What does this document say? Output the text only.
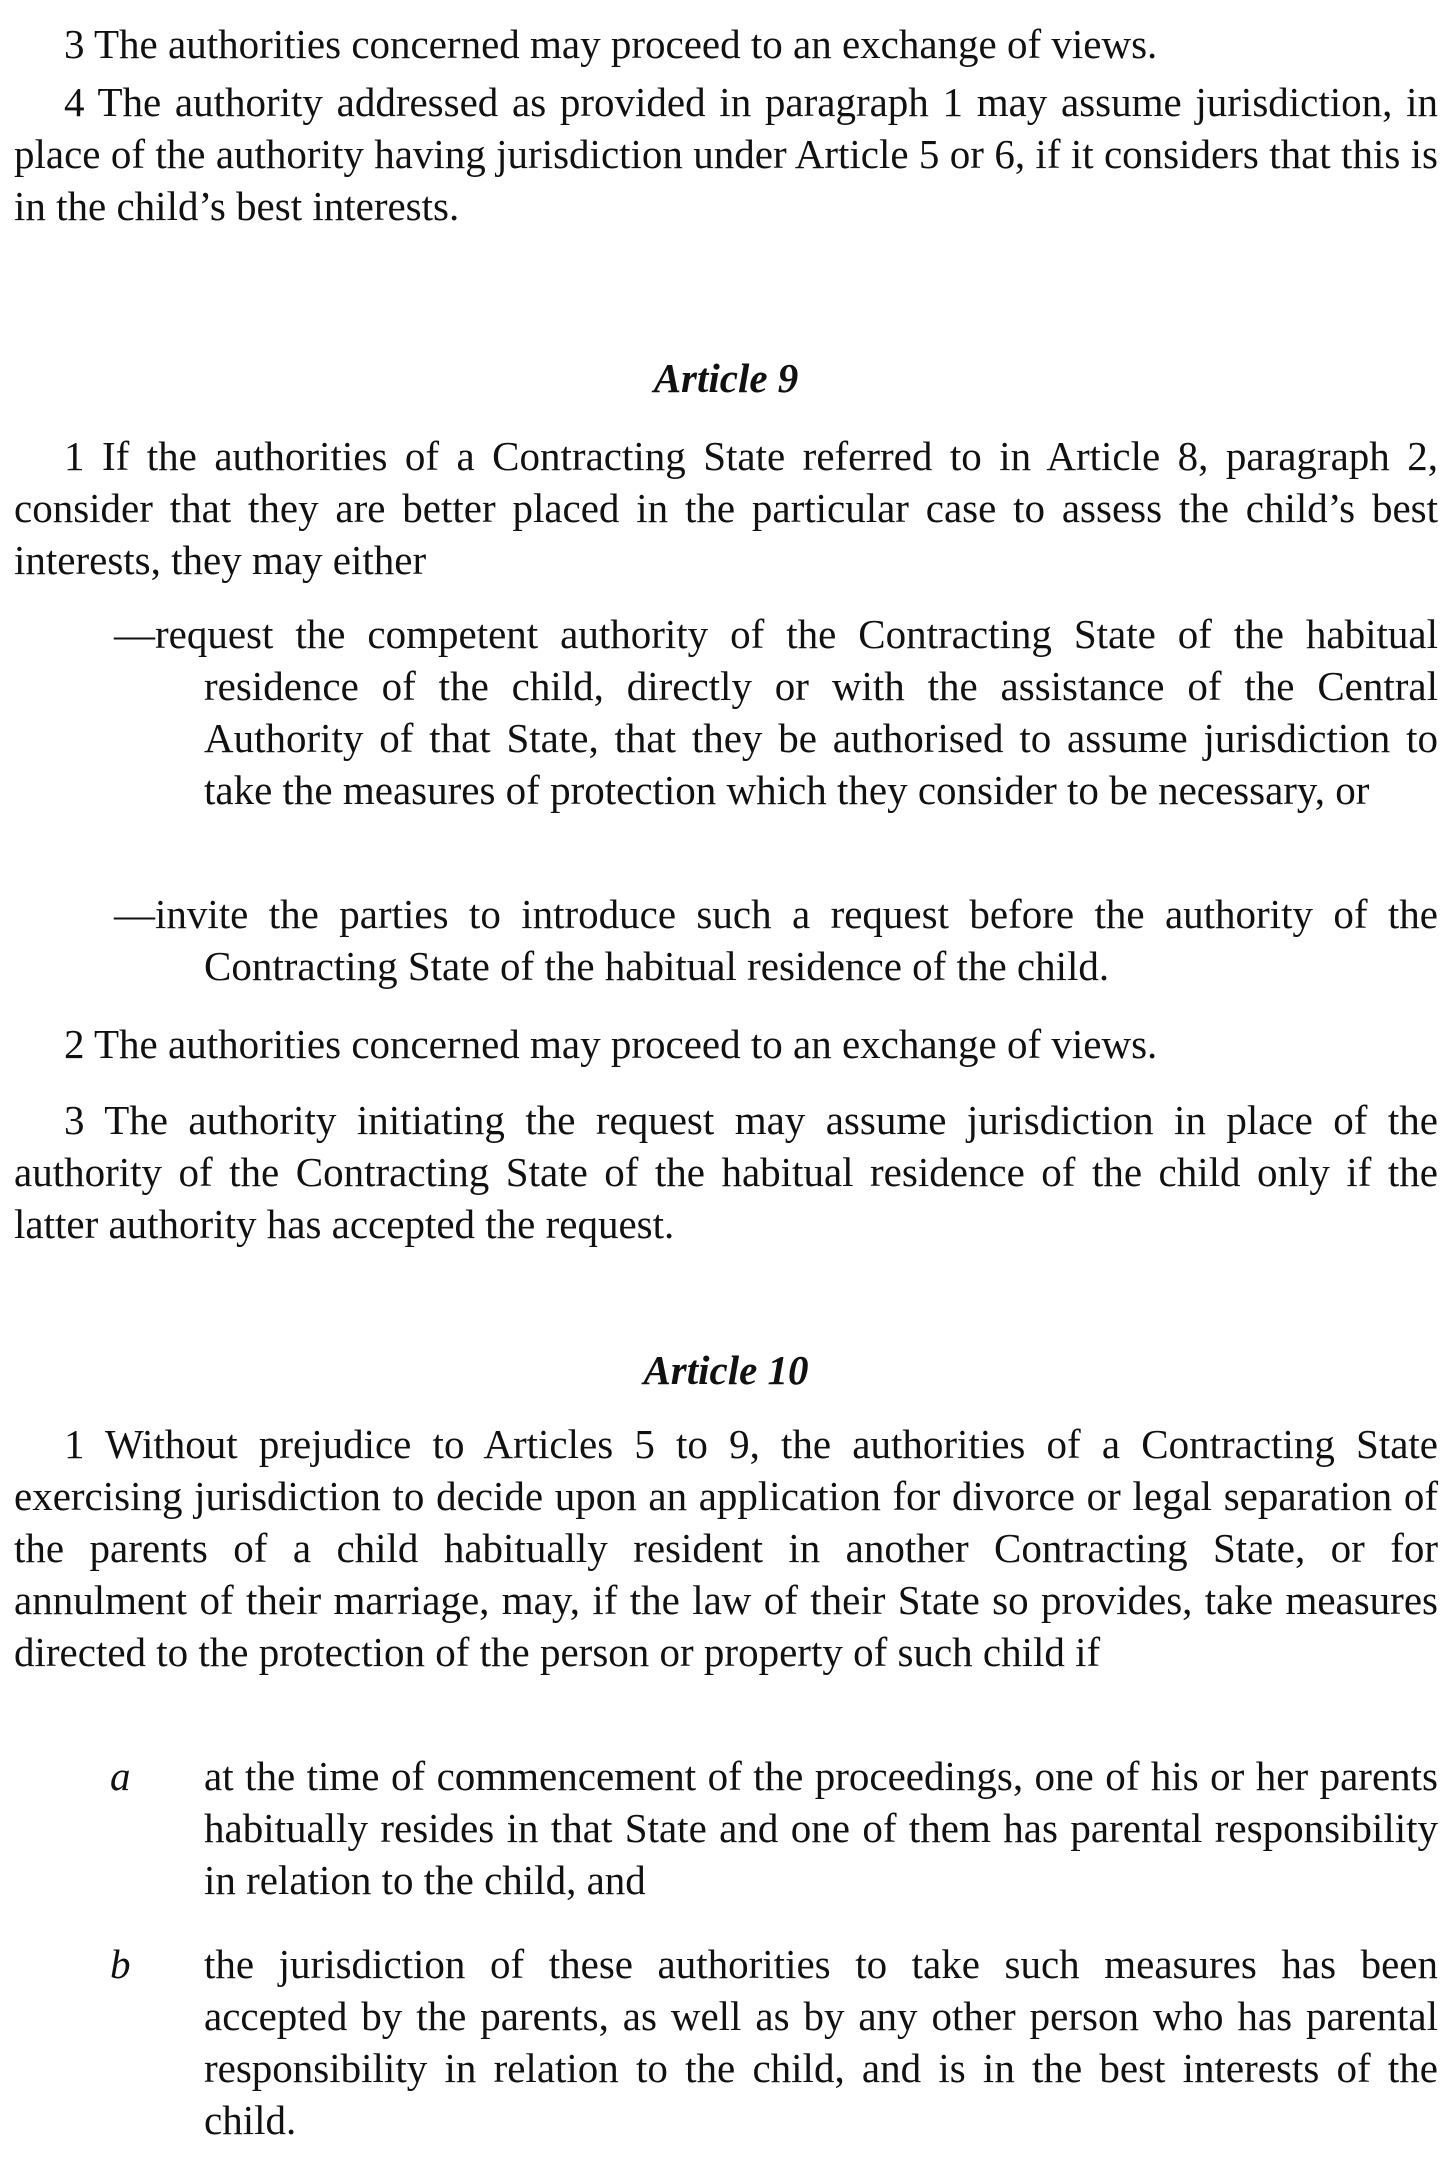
3 The authorities concerned may proceed to an exchange of views.

4 The authority addressed as provided in paragraph 1 may assume jurisdiction, in place of the authority having jurisdiction under Article 5 or 6, if it considers that this is in the child’s best interests.

Article 9

1 If the authorities of a Contracting State referred to in Article 8, paragraph 2, consider that they are better placed in the particular case to assess the child’s best interests, they may either

—request the competent authority of the Contracting State of the habitual residence of the child, directly or with the assistance of the Central Authority of that State, that they be authorised to assume jurisdiction to take the measures of protection which they consider to be necessary, or

—invite the parties to introduce such a request before the authority of the Contracting State of the habitual residence of the child.

2 The authorities concerned may proceed to an exchange of views.

3 The authority initiating the request may assume jurisdiction in place of the authority of the Contracting State of the habitual residence of the child only if the latter authority has accepted the request.

Article 10

1 Without prejudice to Articles 5 to 9, the authorities of a Contracting State exercising jurisdiction to decide upon an application for divorce or legal separation of the parents of a child habitually resident in another Contracting State, or for annulment of their marriage, may, if the law of their State so provides, take measures directed to the protection of the person or property of such child if

a at the time of commencement of the proceedings, one of his or her parents habitually resides in that State and one of them has parental responsibility in relation to the child, and
b the jurisdiction of these authorities to take such measures has been accepted by the parents, as well as by any other person who has parental responsibility in relation to the child, and is in the best interests of the child.
